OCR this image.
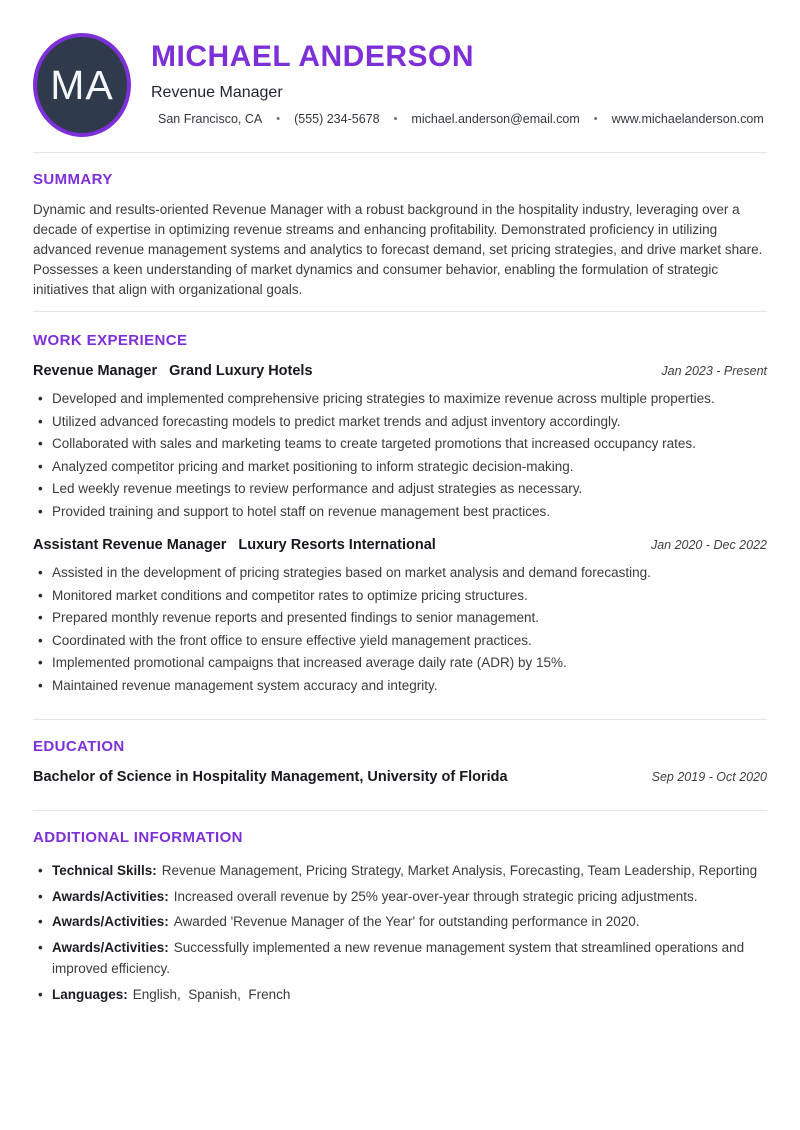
MA
MICHAEL ANDERSON
Revenue Manager
San Francisco, CA	• (555) 234-5678	• michael.anderson@email.com	• www.michaelanderson.com
SUMMARY

Dynamic and results-oriented Revenue Manager with a robust background in the hospitality industry, leveraging over a decade of expertise in optimizing revenue streams and enhancing profitability. Demonstrated proficiency in utilizing advanced revenue management systems and analytics to forecast demand, set pricing strategies, and drive market share. Possesses a keen understanding of market dynamics and consumer behavior, enabling the formulation of strategic initiatives that align with organizational goals.

WORK EXPERIENCE
Revenue Manager Grand Luxury Hotels	Jan 2023 - Present
• Developed and implemented comprehensive pricing strategies to maximize revenue across multiple properties.
• Utilized advanced forecasting models to predict market trends and adjust inventory accordingly.
• Collaborated with sales and marketing teams to create targeted promotions that increased occupancy rates.
• Analyzed competitor pricing and market positioning to inform strategic decision-making.
• Led weekly revenue meetings to review performance and adjust strategies as necessary.
• Provided training and support to hotel staff on revenue management best practices.
Assistant Revenue Manager Luxury Resorts International	Jan 2020 - Dec 2022
• Assisted in the development of pricing strategies based on market analysis and demand forecasting.
• Monitored market conditions and competitor rates to optimize pricing structures.
• Prepared monthly revenue reports and presented findings to senior management.
• Coordinated with the front office to ensure effective yield management practices.
• Implemented promotional campaigns that increased average daily rate (ADR) by 15%.
• Maintained revenue management system accuracy and integrity.
EDUCATION
Bachelor of Science in Hospitality Management, University of Florida	Sep 2019 - Oct 2020
ADDITIONAL INFORMATION
• Technical Skills: Revenue Management, Pricing Strategy, Market Analysis, Forecasting, Team Leadership, Reporting
• Awards/Activities: Increased overall revenue by 25% year-over-year through strategic pricing adjustments.
• Awards/Activities: Awarded 'Revenue Manager of the Year' for outstanding performance in 2020.
• Awards/Activities: Successfully implemented a new revenue management system that streamlined operations and improved efficiency.
• Languages: English,  Spanish,  French
